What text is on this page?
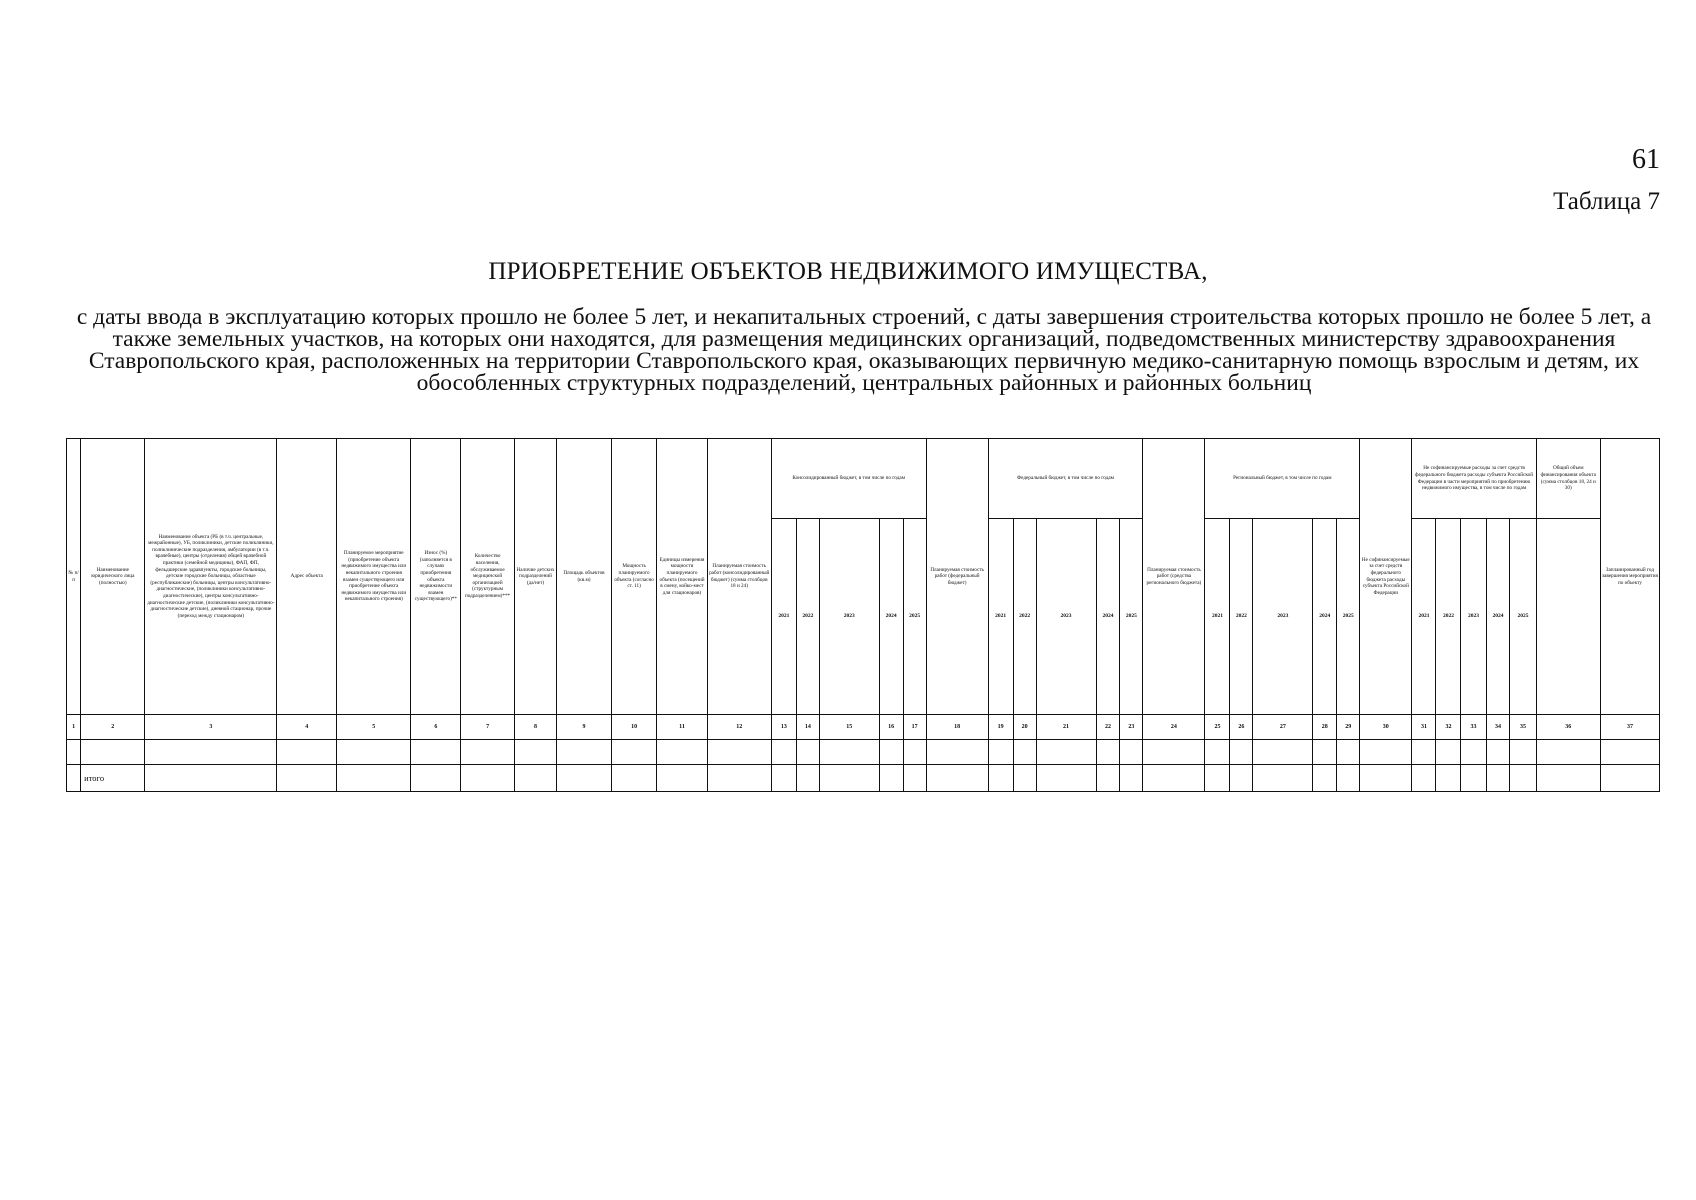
61
Таблица 7
ПРИОБРЕТЕНИЕ ОБЪЕКТОВ НЕДВИЖИМОГО ИМУЩЕСТВА,
с даты ввода в эксплуатацию которых прошло не более 5 лет, и некапитальных строений, с даты завершения строительства которых прошло не более 5 лет, а также земельных участков, на которых они находятся, для размещения медицинских организаций, подведомственных министерству здравоохранения Ставропольского края, расположенных на территории Ставропольского края, оказывающих первичную медико-санитарную помощь взрослым и детям, их обособленных структурных подразделений, центральных районных и районных больниц
№ п/п	Наименование юридического лица (полностью)	Наименование объекта (РБ (в т.ч. центральные, межрайонные), УБ, поликлиники, детские поликлиники, поликлинические подразделения, амбулатории (в т.ч. врачебные), центры (отделения) общей врачебной практики (семейной медицины), ФАП, ФП, фельдшерские здравпункты, городские больницы, детские городские больницы, областные (республиканские) больницы, центры консультативно-диагностические, (поликлиники консультативно-диагностические), центры консультативно-диагностические детские, (поликлиники консультативно-диагностические детские), дневной стационар, прочие (переход между стационаром)	Адрес объекта	Планируемое мероприятие (приобретение объекта недвижимого имущества или некапитального строения взамен существующего или приобретение объекта недвижимого имущества или некапитального строения)	Износ (%) (заполняется в случаях приобретения объекта недвижимости взамен существующего)**	Количество населения, обслуживаемое медицинской организацией (структурным подразделением)***	Наличие детских подразделений (да/нет)	Площадь объектов (кв.м)	Мощность планируемого объекта (согласно ст. 11)	Единицы измерения мощности планируемого объекта (посещений в смену, койко-мест для стационаров)	Планируемая стоимость работ (консолидированный бюджет) (сумма столбцов 18 и 24)	Консолидированный бюджет, в том числе по годам					Планируемая стоимость работ (федеральный бюджет)	Федеральный бюджет, в том числе по годам					Планируемая стоимость работ (средства регионального бюджета)	Региональный бюджет, в том числе по годам					Не софинансируемые за счет средств федерального бюджета расходы субъекта Российской Федерации	Не софинансируемые расходы за счет средств федерального бюджета расходы субъекта Российской Федерации в части мероприятий по приобретению недвижимого имущества, в том числе по годам					Общий объем финансирования объекта (сумма столбцов 18, 24 и 30)	Запланированный год завершения мероприятия по объекту
												2021	2022	2023	2024	2025		2021	2022	2023	2024	2025		2021	2022	2023	2024	2025		2021	2022	2023	2024	2025		
1	2	3	4	5	6	7	8	9	10	11	12	13	14	15	16	17	18	19	20	21	22	23	24	25	26	27	28	29	30	31	32	33	34	35	36	37

	итого																																			
